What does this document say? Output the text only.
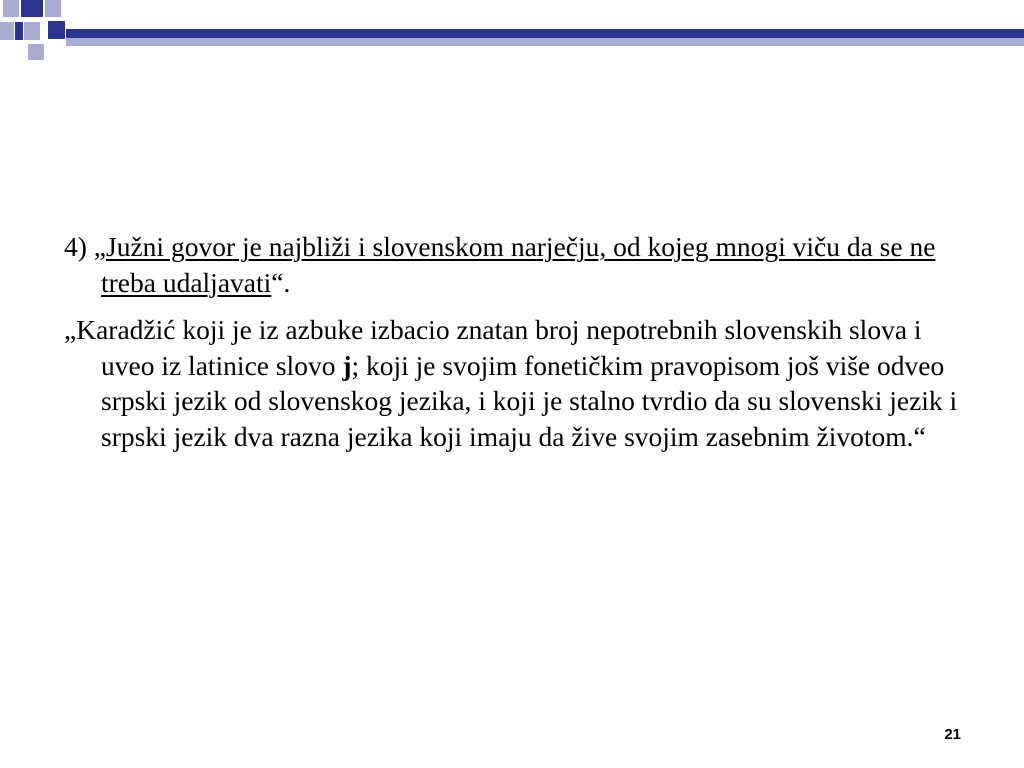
4) „Južni govor je najbliži i slovenskom narječju, od kojeg mnogi viču da se ne treba udaljavati“.

„Karadžić koji je iz azbuke izbacio znatan broj nepotrebnih slovenskih slova i uveo iz latinice slovo j; koji je svojim fonetičkim pravopisom još više odveo srpski jezik od slovenskog jezika, i koji je stalno tvrdio da su slovenski jezik i srpski jezik dva razna jezika koji imaju da žive svojim zasebnim životom.“

21
